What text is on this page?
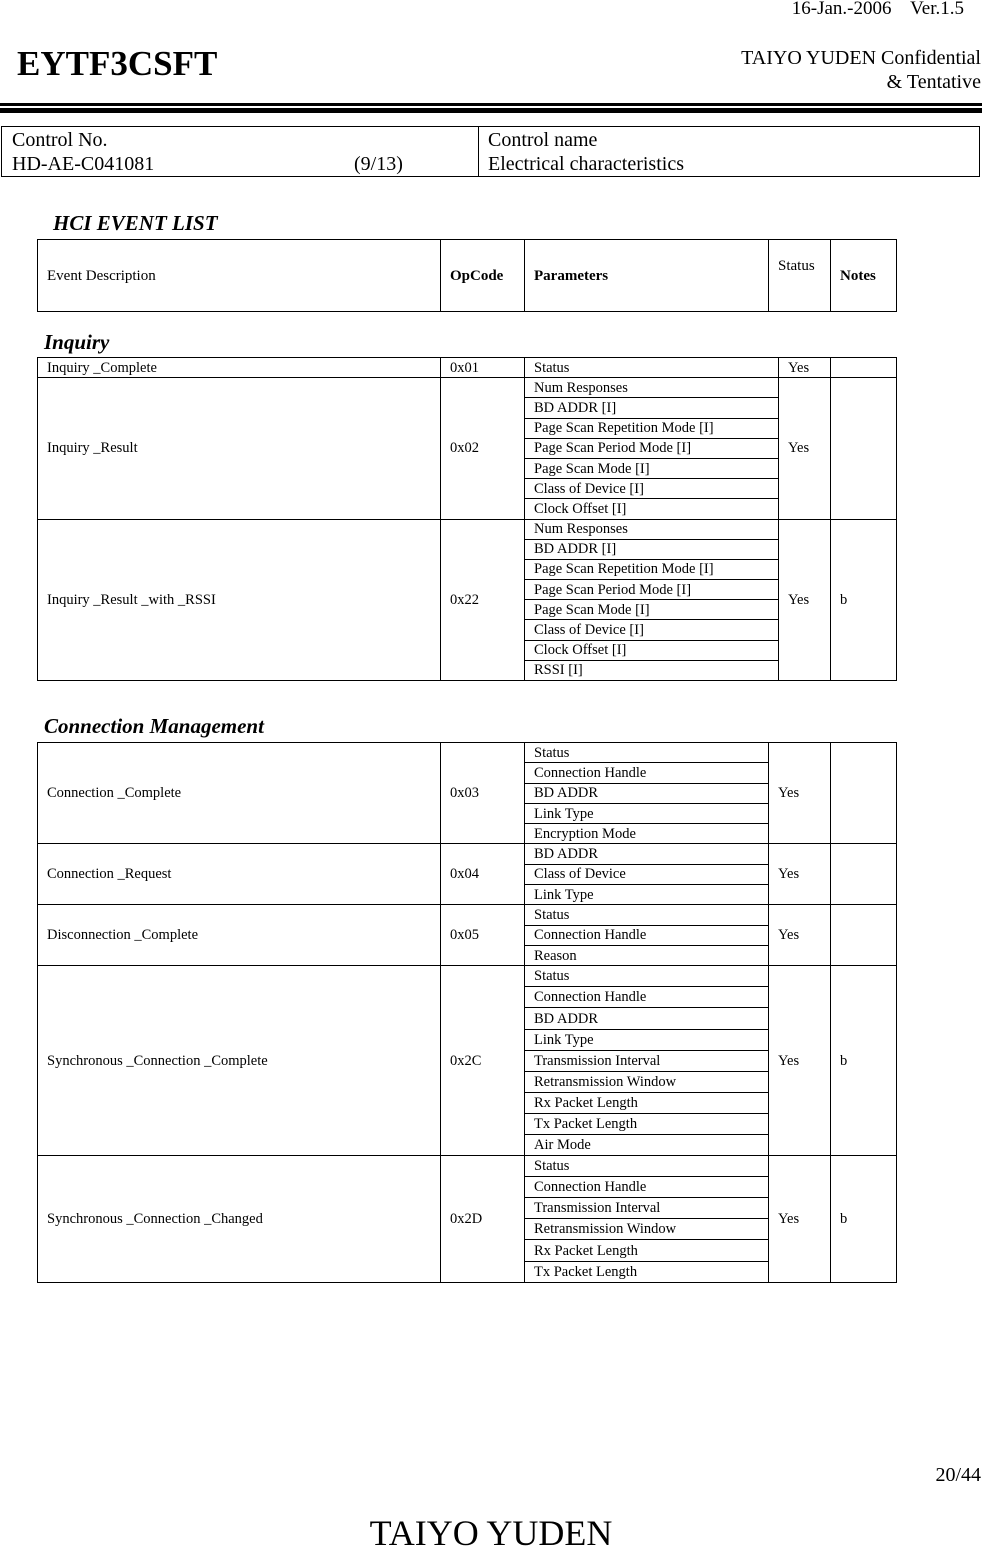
16-Jan.-2006    Ver.1.5
EYTF3CSFT	TAIYO YUDEN Confidential
& Tentative
Control No.
HD-AE-C041081	(9/13)
Control name
Electrical characteristics
HCI EVENT LIST
Event Description	OpCode	Parameters	Status	Notes
Inquiry
Inquiry _Complete	0x01	Status	Yes	
Inquiry _Result	0x02	Num Responses	Yes	
		BD ADDR [I]		
		Page Scan Repetition Mode [I]		
		Page Scan Period Mode [I]		
		Page Scan Mode [I]		
		Class of Device [I]		
		Clock Offset [I]		
Inquiry _Result _with _RSSI	0x22	Num Responses	Yes	b
		BD ADDR [I]		
		Page Scan Repetition Mode [I]		
		Page Scan Period Mode [I]		
		Page Scan Mode [I]		
		Class of Device [I]		
		Clock Offset [I]		
		RSSI [I]		
Connection Management
Connection _Complete	0x03	Status	Yes	
		Connection Handle		
		BD ADDR		
		Link Type		
		Encryption Mode		
Connection _Request	0x04	BD ADDR	Yes	
		Class of Device		
		Link Type		
Disconnection _Complete	0x05	Status	Yes	
		Connection Handle		
		Reason		
Synchronous _Connection _Complete	0x2C	Status	Yes	b
		Connection Handle		
		BD ADDR		
		Link Type		
		Transmission Interval		
		Retransmission Window		
		Rx Packet Length		
		Tx Packet Length		
		Air Mode		
Synchronous _Connection _Changed	0x2D	Status	Yes	b
		Connection Handle		
		Transmission Interval		
		Retransmission Window		
		Rx Packet Length		
		Tx Packet Length		
20/44
TAIYO YUDEN
